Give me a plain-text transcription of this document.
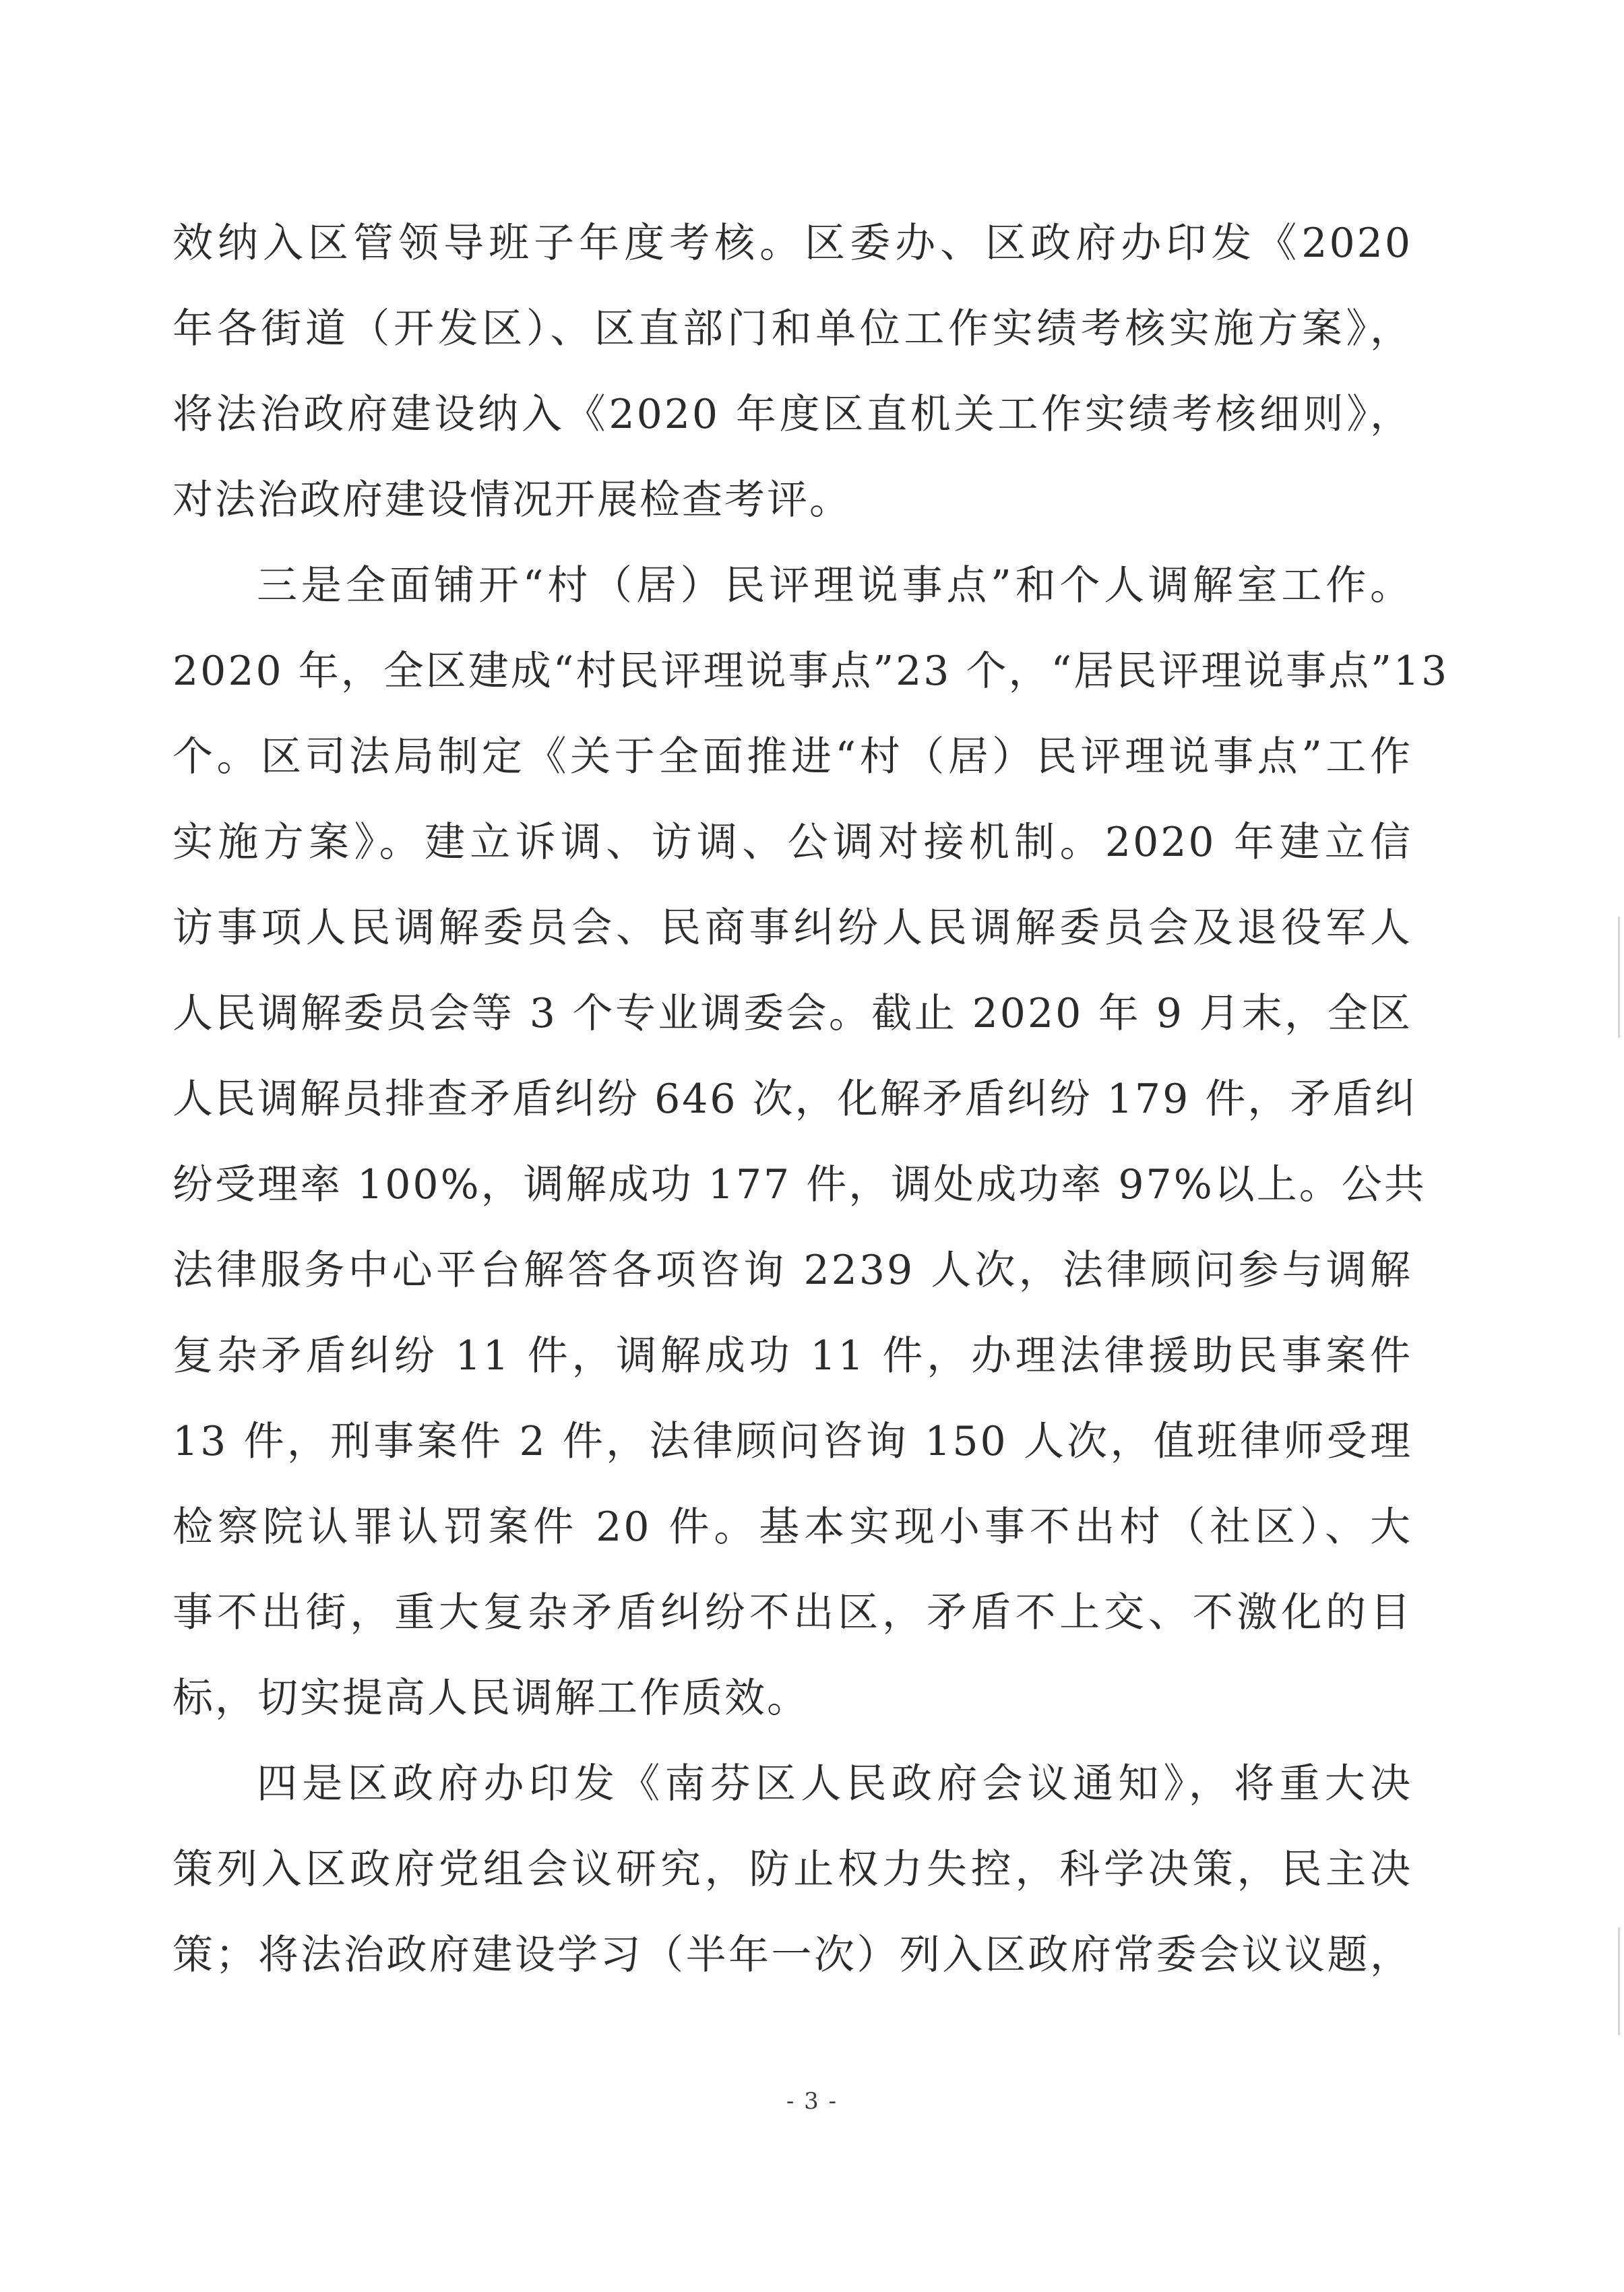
效纳入区管领导班子年度考核。区委办、区政府办印发《2020
年各街道（开发区）、区直部门和单位工作实绩考核实施方案》，
将法治政府建设纳入《2020 年度区直机关工作实绩考核细则》，
对法治政府建设情况开展检查考评。
三是全面铺开“村（居）民评理说事点”和个人调解室工作。
2020 年，全区建成“村民评理说事点”23 个，“居民评理说事点”13
个。区司法局制定《关于全面推进“村（居）民评理说事点”工作
实施方案》。建立诉调、访调、公调对接机制。2020 年建立信
访事项人民调解委员会、民商事纠纷人民调解委员会及退役军人
人民调解委员会等 3 个专业调委会。截止 2020 年 9 月末，全区
人民调解员排查矛盾纠纷 646 次，化解矛盾纠纷 179 件，矛盾纠
纷受理率 100%，调解成功 177 件，调处成功率 97%以上。公共
法律服务中心平台解答各项咨询 2239 人次，法律顾问参与调解
复杂矛盾纠纷 11 件，调解成功 11 件，办理法律援助民事案件
13 件，刑事案件 2 件，法律顾问咨询 150 人次，值班律师受理
检察院认罪认罚案件 20 件。基本实现小事不出村（社区）、大
事不出街，重大复杂矛盾纠纷不出区，矛盾不上交、不激化的目
标，切实提高人民调解工作质效。
四是区政府办印发《南芬区人民政府会议通知》，将重大决
策列入区政府党组会议研究，防止权力失控，科学决策，民主决
策；将法治政府建设学习（半年一次）列入区政府常委会议议题，
- 3 -
